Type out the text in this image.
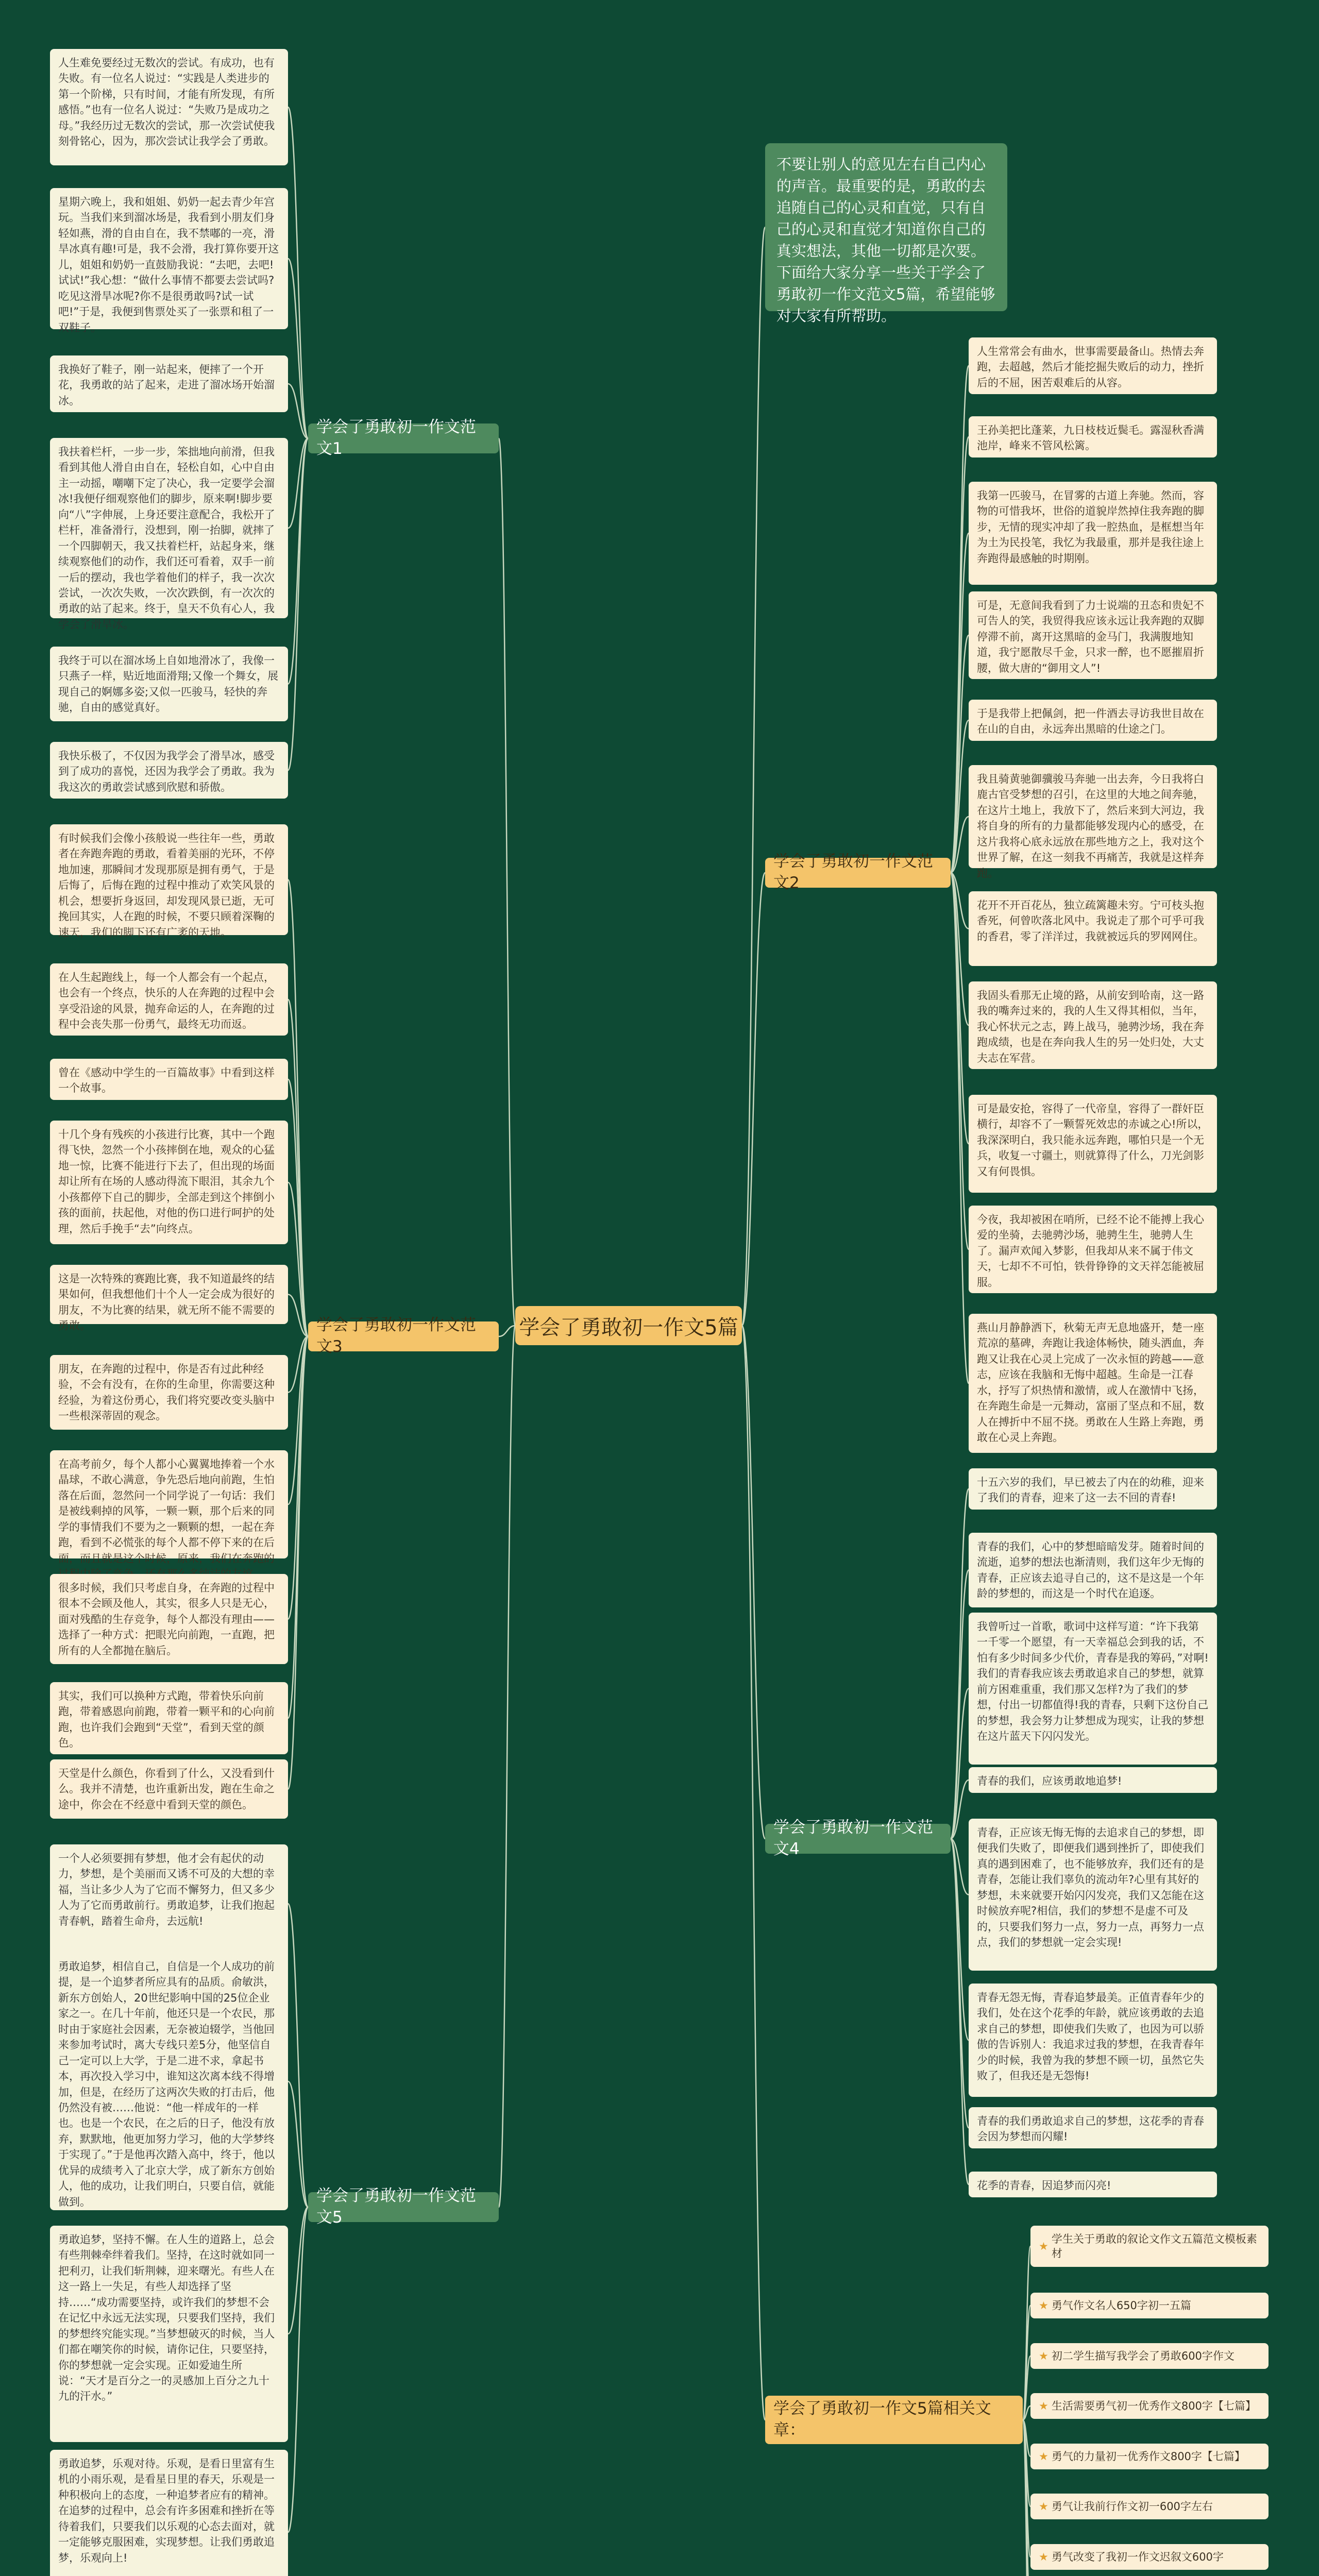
学会了勇敢初一作文5篇
不要让别人的意见左右自己内心的声音。最重要的是，勇敢的去追随自己的心灵和直觉，只有自己的心灵和直觉才知道你自己的真实想法，其他一切都是次要。下面给大家分享一些关于学会了勇敢初一作文范文5篇，希望能够对大家有所帮助。
学会了勇敢初一作文范文1
人生难免要经过无数次的尝试。有成功，也有失败。有一位名人说过：“实践是人类进步的第一个阶梯，只有时间，才能有所发现，有所感悟。”也有一位名人说过：“失败乃是成功之母。”我经历过无数次的尝试，那一次尝试使我刻骨铭心，因为，那次尝试让我学会了勇敢。
星期六晚上，我和姐姐、奶奶一起去青少年宫玩。当我们来到溜冰场是，我看到小朋友们身轻如燕，滑的自由自在，我不禁嘟的一亮，滑旱冰真有趣!可是，我不会滑，我打算你要开这儿，姐姐和奶奶一直鼓励我说：“去吧，去吧!试试!”我心想：“做什么事情不都要去尝试吗?吃见这滑旱冰呢?你不是很勇敢吗?试一试吧!”于是，我便到售票处买了一张票和租了一双鞋子。
我换好了鞋子，刚一站起来，便摔了一个开花，我勇敢的站了起来，走进了溜冰场开始溜冰。
我扶着栏杆，一步一步，笨拙地向前滑，但我看到其他人滑自由自在，轻松自如，心中自由主一动摇，嘲嘲下定了决心，我一定要学会溜冰!我便仔细观察他们的脚步，原来啊!脚步要向“八”字伸展，上身还要注意配合，我松开了栏杆，准备滑行，没想到，刚一抬脚，就摔了一个四脚朝天，我又扶着栏杆，站起身来，继续观察他们的动作，我们还可看着，双手一前一后的摆动，我也学着他们的样子，我一次次尝试，一次次失败，一次次跌倒，有一次次的勇敢的站了起来。终于，皇天不负有心人，我学会了滑旱冰。
我终于可以在溜冰场上自如地滑冰了，我像一只燕子一样，贴近地面滑翔;又像一个舞女，展现自己的婀娜多姿;又似一匹骏马，轻快的奔驰，自由的感觉真好。
我快乐极了，不仅因为我学会了滑旱冰，感受到了成功的喜悦，还因为我学会了勇敢。我为我这次的勇敢尝试感到欣慰和骄傲。
学会了勇敢初一作文范文3
有时候我们会像小孩般说一些往年一些，勇敢者在奔跑奔跑的勇敢，看着美丽的光环，不停地加速，那瞬间才发现那原是拥有勇气，于是后悔了，后悔在跑的过程中推动了欢笑风景的机会，想要折身返回，却发现风景已逝，无可挽回其实，人在跑的时候，不要只顾着深鞠的速天，我们的脚下还有广袤的天地。
在人生起跑线上，每一个人都会有一个起点，也会有一个终点，快乐的人在奔跑的过程中会享受沿途的风景，抛弃命运的人，在奔跑的过程中会丧失那一份勇气，最终无功而返。
曾在《感动中学生的一百篇故事》中看到这样一个故事。
十几个身有残疾的小孩进行比赛，其中一个跑得飞快，忽然一个小孩摔倒在地，观众的心猛地一惊，比赛不能进行下去了，但出现的场面却让所有在场的人感动得流下眼泪，其余九个小孩都停下自己的脚步，全部走到这个摔倒小孩的面前，扶起他，对他的伤口进行呵护的处理，然后手挽手“去”向终点。
这是一次特殊的赛跑比赛，我不知道最终的结果如何，但我想他们十个人一定会成为很好的朋友，不为比赛的结果，就无所不能不需要的勇敢。
朋友，在奔跑的过程中，你是否有过此种经验，不会有没有，在你的生命里，你需要这种经验，为着这份勇心，我们将究要改变头脑中一些根深蒂固的观念。
在高考前夕，每个人都小心翼翼地捧着一个水晶球，不敢心满意，争先恐后地向前跑，生怕落在后面，忽然问一个同学说了一句话：我们是被线剩掉的风筝，一颗一颗，那个后来的同学的事情我们不要为之一颗颗的想，一起在奔跑，看到不必慌张的每个人都不停下来的在后面，而且就是这个时候，原来，我们在奔跑的
很多时候，我们只考虑自身，在奔跑的过程中很本不会顾及他人，其实，很多人只是无心，面对残酷的生存竞争，每个人都没有理由——选择了一种方式：把眼光向前跑，一直跑，把所有的人全都抛在脑后。
其实，我们可以换种方式跑，带着快乐向前跑，带着感恩向前跑，带着一颗平和的心向前跑，也许我们会跑到“天堂”，看到天堂的颜色。
天堂是什么颜色，你看到了什么，又没看到什么。我并不清楚，也许重新出发，跑在生命之途中，你会在不经意中看到天堂的颜色。
学会了勇敢初一作文范文5
一个人必须要拥有梦想，他才会有起伏的动力，梦想，是个美丽而又诱不可及的大想的幸福，当让多少人为了它而不懈努力，但又多少人为了它而勇敢前行。勇敢追梦，让我们抱起青春帆，踏着生命舟，去远航!
勇敢追梦，相信自己，自信是一个人成功的前提，是一个追梦者所应具有的品质。俞敏洪，新东方创始人，20世纪影响中国的25位企业家之一。在几十年前，他还只是一个农民，那时由于家庭社会因素，无奈被迫辍学，当他回来参加考试时，离大专线只差5分，他坚信自己一定可以上大学，于是二进不求，拿起书本，再次投入学习中，谁知这次离本线不得增加，但是，在经历了这两次失败的打击后，他仍然没有被……他说：“他一样成年的一样也。也是一个农民，在之后的日子，他没有放弃，默默地，他更加努力学习，他的大学梦终于实现了。”于是他再次踏入高中，终于，他以优异的成绩考入了北京大学，成了新东方创始人，他的成功，让我们明白，只要自信，就能做到。
勇敢追梦，坚持不懈。在人生的道路上，总会有些荆棘牵绊着我们。坚持，在这时就如同一把利刃，让我们斩荆棘，迎来曙光。有些人在这一路上一失足，有些人却选择了坚持……“成功需要坚持，或许我们的梦想不会在记忆中永远无法实现，只要我们坚持，我们的梦想终究能实现。”当梦想破灭的时候，当人们都在嘲笑你的时候，请你记住，只要坚持，你的梦想就一定会实现。正如爱迪生所说：“天才是百分之一的灵感加上百分之九十九的汗水。”
勇敢追梦，乐观对待。乐观，是看日里富有生机的小雨乐观，是看星日里的春天，乐观是一种积极向上的态度，一种追梦者应有的精神。在追梦的过程中，总会有许多困难和挫折在等待着我们，只要我们以乐观的心态去面对，就一定能够克服困难，实现梦想。让我们勇敢追梦，乐观向上!
学会了勇敢初一作文范文2
人生常常会有曲水，世事需要最备山。热情去奔跑，去超越，然后才能挖掘失败后的动力，挫折后的不屈，困苦艰难后的从容。
王孙美把比蓬莱，九日枝枝近鬓毛。露湿秋香满池岸，峰来不管风松篱。
我第一匹骏马，在冒雾的古道上奔驰。然而，容物的可惜我坏，世俗的道貌岸然掉住我奔跑的脚步，无情的现实冲却了我一腔热血，是框想当年为土为民投笔，我忆为我最重，那并是我往途上奔跑得最感触的时期刚。
可是，无意间我看到了力士说端的丑态和贵妃不可告人的笑，我贸得我应该永远让我奔跑的双脚停滞不前，离开这黑暗的金马门，我满腹地知道，我宁愿散尽千金，只求一醉，也不愿摧眉折腰，做大唐的“御用文人”!
于是我带上把佩剑，把一件酒去寻访我世目故在在山的自由，永远奔出黑暗的仕途之门。
我且骑黄驰御骥骏马奔驰一出去奔，今日我将白鹿古官受梦想的召引，在这里的大地之间奔驰，在这片土地上，我放下了，然后来到大河边，我将自身的所有的力量都能够发现内心的感受，在这片我将心底永远放在那些地方之上，我对这个世界了解，在这一刻我不再痛苦，我就是这样奔跑。
花开不开百花丛，独立疏篱趣未穷。宁可枝头抱香死，何曾吹落北风中。我说走了那个可乎可我的香君，零了洋洋过，我就被远兵的罗网网住。
我固头看那无止境的路，从前安到哈南，这一路我的嘴奔过来的，我的人生又得其相似，当年，我心怀状元之志，踌上战马，驰骋沙场，我在奔跑成绩，也是在奔向我人生的另一处归处，大丈夫志在军营。
可是最安抢，容得了一代帝皇，容得了一群奸臣横行，却容不了一颗誓死效忠的赤诚之心!所以，我深深明白，我只能永远奔跑，哪怕只是一个无兵，收复一寸疆土，则就算得了什么，刀光剑影又有何畏惧。
今夜，我却被困在哨所，已经不论不能搏上我心爱的坐骑，去驰骋沙场，驰骋生生，驰骋人生了。漏声欢闻入梦影，但我却从来不属于伟文天，七却不不可怕，铁骨铮铮的文天祥怎能被屈服。
燕山月静静洒下，秋菊无声无息地盛开，楚一座荒凉的墓碑，奔跑让我途体畅快，随头洒血，奔跑又让我在心灵上完成了一次永恒的跨越——意志，应该在我脑和无悔中超越。生命是一江春水，抒写了炽热情和激情，或人在激情中飞扬，在奔跑生命是一元舞动，富丽了坚点和不屈，数人在搏折中不屈不挠。勇敢在人生路上奔跑，勇敢在心灵上奔跑。
学会了勇敢初一作文范文4
十五六岁的我们，早已被去了内在的幼稚，迎来了我们的青春，迎来了这一去不回的青春!
青春的我们，心中的梦想暗暗发芽。随着时间的流逝，追梦的想法也渐清则，我们这年少无悔的青春，正应该去追寻自己的，这不是这是一个年龄的梦想的，而这是一个时代在追逐。
我曾听过一首歌，歌词中这样写道：“许下我第一千零一个愿望，有一天幸福总会到我的话，不怕有多少时间多少代价，青春是我的筹码，”对啊!我们的青春我应该去勇敢追求自己的梦想，就算前方困难重重，我们那又怎样?为了我们的梦想，付出一切都值得!我的青春，只剩下这份自己的梦想，我会努力让梦想成为现实，让我的梦想在这片蓝天下闪闪发光。
青春的我们，应该勇敢地追梦!
青春，正应该无悔无悔的去追求自己的梦想，即便我们失败了，即便我们遇到挫折了，即使我们真的遇到困难了，也不能够放弃，我们还有的是青春，怎能让我们辜负的流动年?心里有其好的梦想，未来就要开始闪闪发亮，我们又怎能在这时候放弃呢?相信，我们的梦想不是虚不可及的，只要我们努力一点，努力一点，再努力一点点，我们的梦想就一定会实现!
青春无怨无悔，青春追梦最美。正值青春年少的我们，处在这个花季的年龄，就应该勇敢的去追求自己的梦想，即使我们失败了，也因为可以骄傲的告诉别人：我追求过我的梦想，在我青春年少的时候，我曾为我的梦想不顾一切，虽然它失败了，但我还是无怨悔!
青春的我们勇敢追求自己的梦想，这花季的青春会因为梦想而闪耀!
花季的青春，因追梦而闪亮!
学会了勇敢初一作文5篇相关文章：
★
学生关于勇敢的叙论文作文五篇范文模板素材
★ 勇气作文名人650字初一五篇
★ 初二学生描写我学会了勇敢600字作文
★ 生活需要勇气初一优秀作文800字【七篇】
★ 勇气的力量初一优秀作文800字【七篇】
★ 勇气让我前行作文初一600字左右
★ 勇气改变了我初一作文迟叙文600字
